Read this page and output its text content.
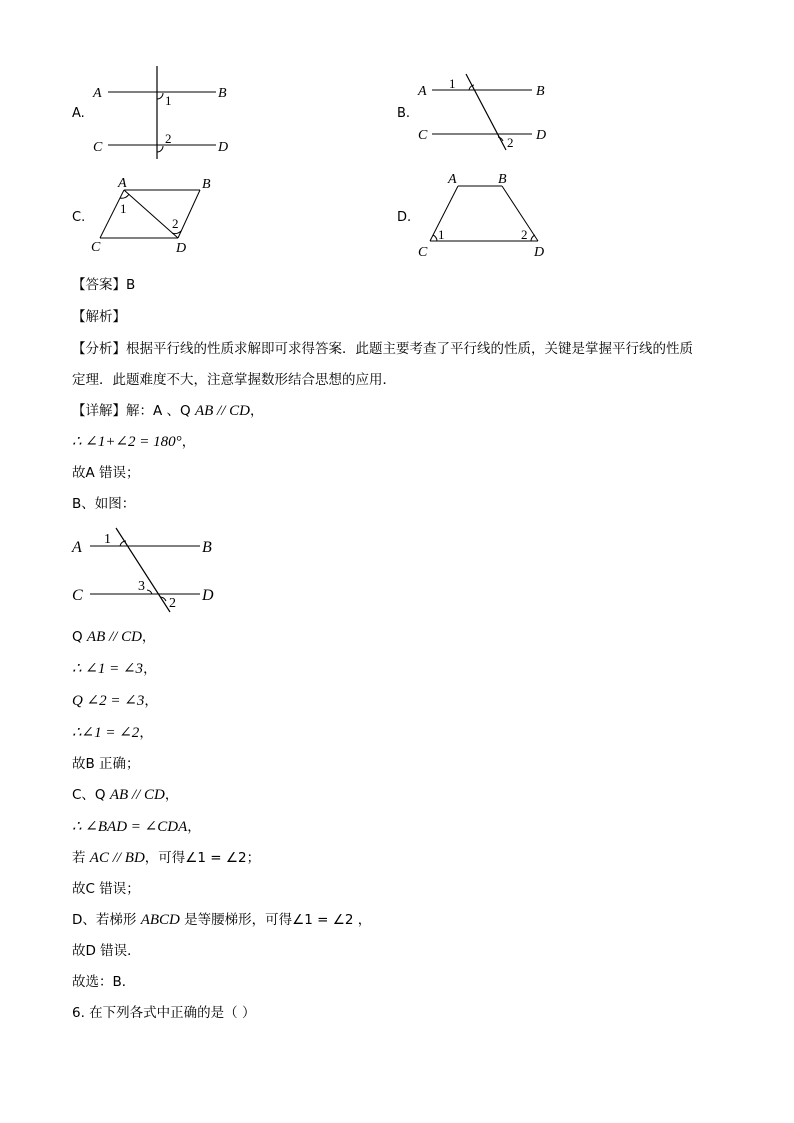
A.
A	B
C	D
1
2
B.
A	B
C	D
1
2
C.
A	B
C	D
1
2	D.
A	B
C	D
1	2
【答案】B
【解析】
【分析】根据平行线的性质求解即可求得答案．此题主要考查了平行线的性质，关键是掌握平行线的性质
定理．此题难度不大，注意掌握数形结合思想的应用．
【详解】解：A 、Q AB // CD，
∴ ∠1+∠2 = 180°，
故A 错误；
B、如图：
A	B
C	D
1
2
3
Q AB // CD，
∴ ∠1 = ∠3，
Q ∠2 = ∠3，
∴∠1 = ∠2，
故B 正确；
C、Q AB // CD，
∴ ∠BAD = ∠CDA，
若 AC // BD，可得∠1 = ∠2；
故C 错误；
D、若梯形 ABCD 是等腰梯形，可得∠1 = ∠2 ，
故D 错误．
故选：B．
6. 在下列各式中正确的是（ ）
